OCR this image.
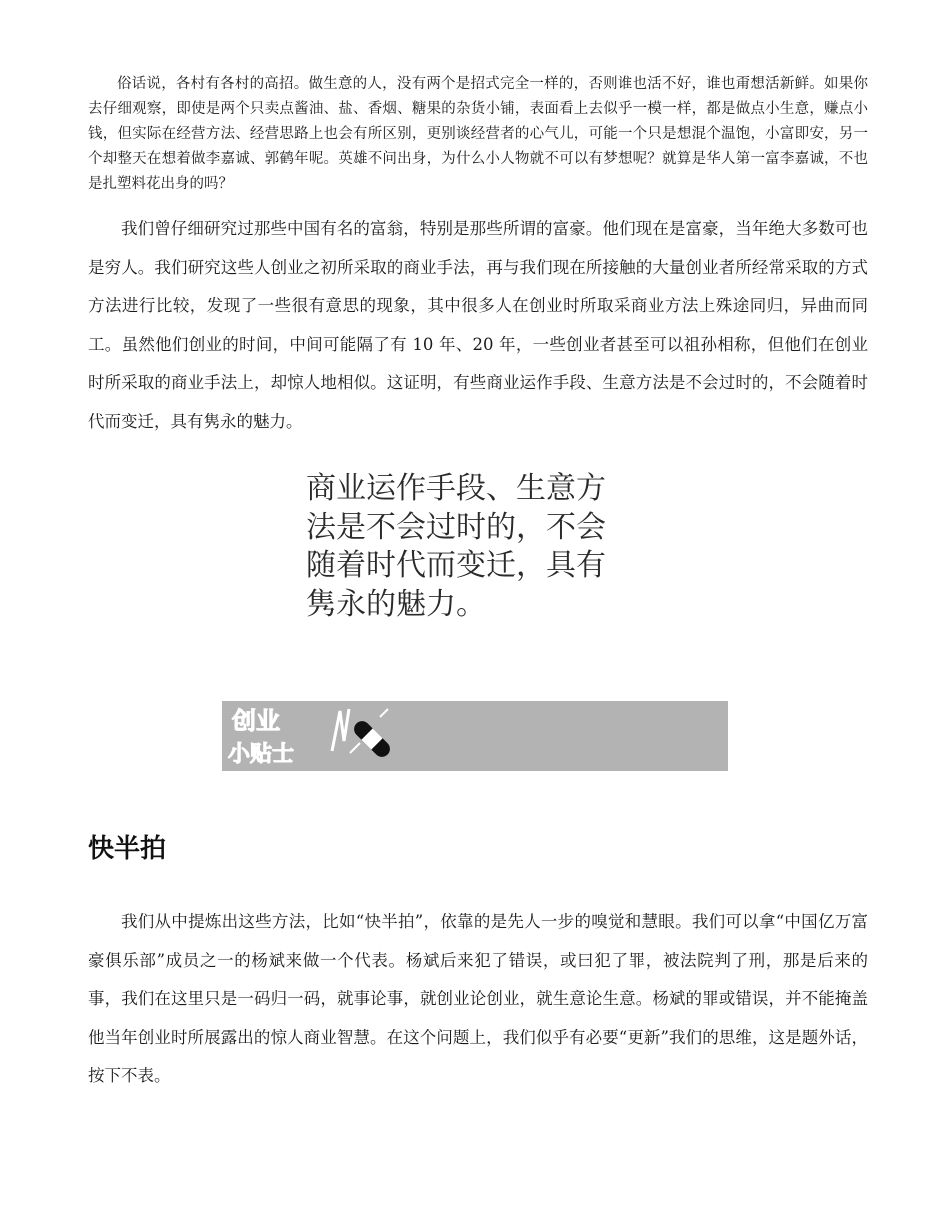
俗话说，各村有各村的高招。做生意的人，没有两个是招式完全一样的，否则谁也活不好，谁也甭想活新鲜。如果你去仔细观察，即使是两个只卖点酱油、盐、香烟、糖果的杂货小铺，表面看上去似乎一模一样，都是做点小生意，赚点小钱，但实际在经营方法、经营思路上也会有所区别，更别谈经营者的心气儿，可能一个只是想混个温饱，小富即安，另一个却整天在想着做李嘉诚、郭鹤年呢。英雄不问出身，为什么小人物就不可以有梦想呢？就算是华人第一富李嘉诚，不也是扎塑料花出身的吗？

我们曾仔细研究过那些中国有名的富翁，特别是那些所谓的富豪。他们现在是富豪，当年绝大多数可也是穷人。我们研究这些人创业之初所采取的商业手法，再与我们现在所接触的大量创业者所经常采取的方式方法进行比较，发现了一些很有意思的现象，其中很多人在创业时所取采商业方法上殊途同归，异曲而同工。虽然他们创业的时间，中间可能隔了有 10 年、20 年，一些创业者甚至可以祖孙相称，但他们在创业时所采取的商业手法上，却惊人地相似。这证明，有些商业运作手段、生意方法是不会过时的，不会随着时代而变迁，具有隽永的魅力。

商业运作手段、生意方法是不会过时的，不会随着时代而变迁，具有隽永的魅力。

创业
小贴士
快半拍

我们从中提炼出这些方法，比如“快半拍”，依靠的是先人一步的嗅觉和慧眼。我们可以拿“中国亿万富豪俱乐部”成员之一的杨斌来做一个代表。杨斌后来犯了错误，或曰犯了罪，被法院判了刑，那是后来的事，我们在这里只是一码归一码，就事论事，就创业论创业，就生意论生意。杨斌的罪或错误，并不能掩盖他当年创业时所展露出的惊人商业智慧。在这个问题上，我们似乎有必要“更新”我们的思维，这是题外话，按下不表。
